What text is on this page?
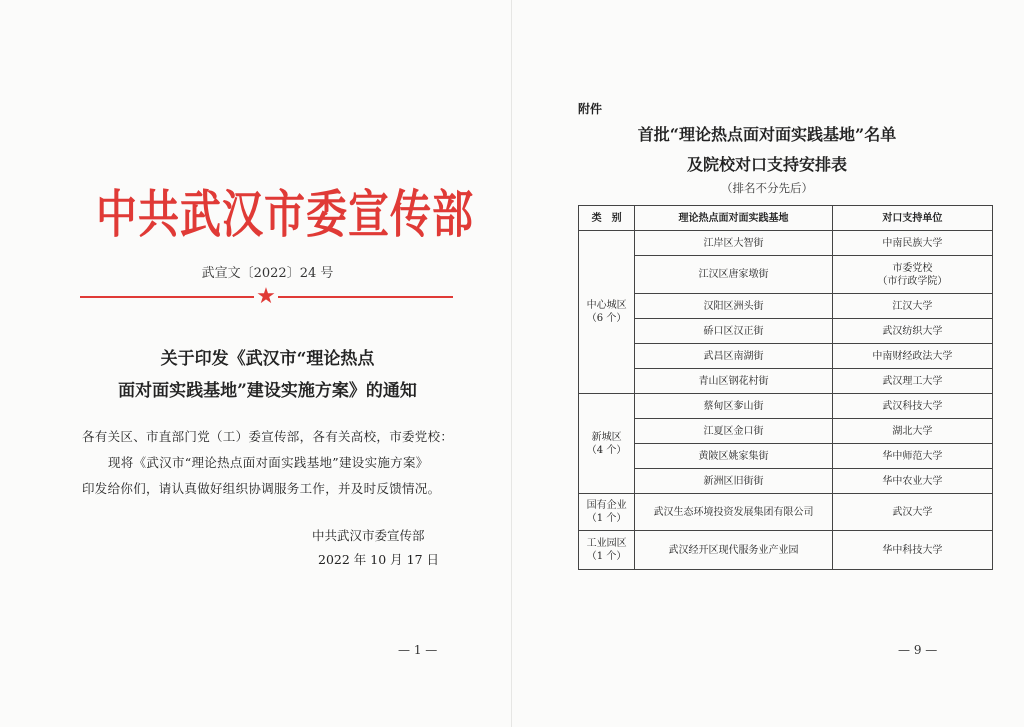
中共武汉市委宣传部
武宣文〔2022〕24 号
★
关于印发《武汉市“理论热点
面对面实践基地”建设实施方案》的通知
各有关区、市直部门党（工）委宣传部，各有关高校，市委党校：
现将《武汉市“理论热点面对面实践基地”建设实施方案》
印发给你们，请认真做好组织协调服务工作，并及时反馈情况。
中共武汉市委宣传部
2022 年 10 月 17 日
— 1 —
附件
首批“理论热点面对面实践基地”名单
及院校对口支持安排表
（排名不分先后）
类　别	理论热点面对面实践基地	对口支持单位

中心城区
（6 个）	江岸区大智街	中南民族大学
	江汉区唐家墩街	市委党校
（市行政学院）

	汉阳区洲头街	江汉大学
	硚口区汉正街	武汉纺织大学
	武昌区南湖街	中南财经政法大学
	青山区钢花村街	武汉理工大学

新城区
（4 个）	蔡甸区奓山街	武汉科技大学
	江夏区金口街	湖北大学
	黄陂区姚家集街	华中师范大学
	新洲区旧街街	华中农业大学

国有企业
（1 个）	武汉生态环境投资发展集团有限公司	武汉大学

工业园区
（1 个）	武汉经开区现代服务业产业园	华中科技大学
— 9 —
